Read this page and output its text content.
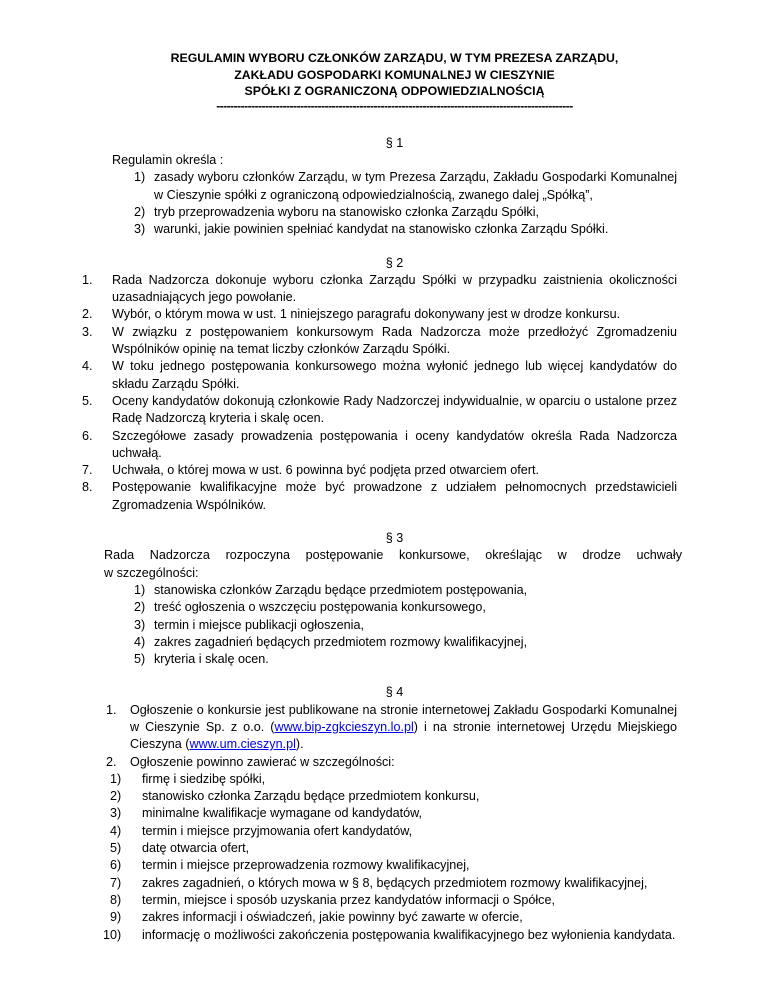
REGULAMIN WYBORU CZŁONKÓW ZARZĄDU, W TYM PREZESA ZARZĄDU,
ZAKŁADU GOSPODARKI KOMUNALNEJ W CIESZYNIE
SPÓŁKI Z OGRANICZONĄ ODPOWIEDZIALNOŚCIĄ
------------------------------------------------------------------------------------------------------
§ 1
Regulamin określa :
1) zasady wyboru członków Zarządu, w tym Prezesa Zarządu, Zakładu Gospodarki Komunalnej w Cieszynie spółki z ograniczoną odpowiedzialnością, zwanego dalej „Spółką”,
2) tryb przeprowadzenia wyboru na stanowisko członka Zarządu Spółki,
3) warunki, jakie powinien spełniać kandydat na stanowisko członka Zarządu Spółki.
§ 2
1. Rada Nadzorcza dokonuje wyboru członka Zarządu Spółki w przypadku zaistnienia okoliczności uzasadniających jego powołanie.
2. Wybór, o którym mowa w ust. 1 niniejszego paragrafu dokonywany jest w drodze konkursu.
3. W związku z postępowaniem konkursowym Rada Nadzorcza może przedłożyć Zgromadzeniu Wspólników opinię na temat liczby członków Zarządu Spółki.
4. W toku jednego postępowania konkursowego można wyłonić jednego lub więcej kandydatów do składu Zarządu Spółki.
5. Oceny kandydatów dokonują członkowie Rady Nadzorczej indywidualnie, w oparciu o ustalone przez Radę Nadzorczą kryteria i skalę ocen.
6. Szczegółowe zasady prowadzenia postępowania i oceny kandydatów określa Rada Nadzorcza uchwałą.
7. Uchwała, o której mowa w ust. 6 powinna być podjęta przed otwarciem ofert.
8. Postępowanie kwalifikacyjne może być prowadzone z udziałem pełnomocnych przedstawicieli Zgromadzenia Wspólników.
§ 3
Rada Nadzorcza rozpoczyna postępowanie konkursowe, określając w drodze uchwały
w szczególności:
1) stanowiska członków Zarządu będące przedmiotem postępowania,
2) treść ogłoszenia o wszczęciu postępowania konkursowego,
3) termin i miejsce publikacji ogłoszenia,
4) zakres zagadnień będących przedmiotem rozmowy kwalifikacyjnej,
5) kryteria i skalę ocen.
§ 4
1. Ogłoszenie o konkursie jest publikowane na stronie internetowej Zakładu Gospodarki Komunalnej w Cieszynie Sp. z o.o. (www.bip-zgkcieszyn.lo.pl) i na stronie internetowej Urzędu Miejskiego Cieszyna (www.um.cieszyn.pl).
2. Ogłoszenie powinno zawierać w szczególności:
1) firmę i siedzibę spółki,
2) stanowisko członka Zarządu będące przedmiotem konkursu,
3) minimalne kwalifikacje wymagane od kandydatów,
4) termin i miejsce przyjmowania ofert kandydatów,
5) datę otwarcia ofert,
6) termin i miejsce przeprowadzenia rozmowy kwalifikacyjnej,
7) zakres zagadnień, o których mowa w § 8, będących przedmiotem rozmowy kwalifikacyjnej,
8) termin, miejsce i sposób uzyskania przez kandydatów informacji o Spółce,
9) zakres informacji i oświadczeń, jakie powinny być zawarte w ofercie,
10) informację o możliwości zakończenia postępowania kwalifikacyjnego bez wyłonienia kandydata.
